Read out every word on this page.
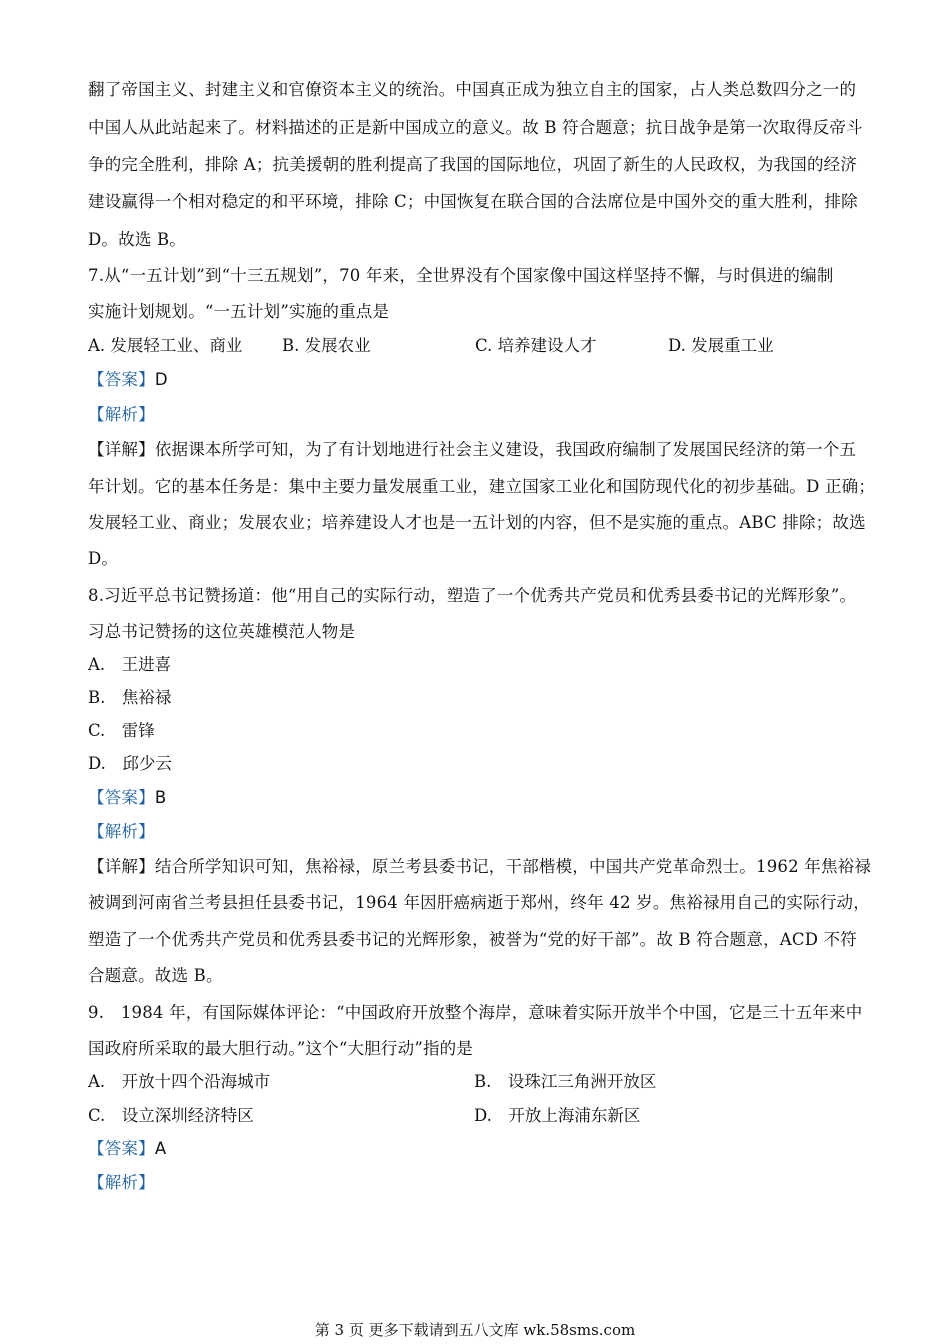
翻了帝国主义、封建主义和官僚资本主义的统治。中国真正成为独立自主的国家，占人类总数四分之一的
中国人从此站起来了。材料描述的正是新中国成立的意义。故 B 符合题意；抗日战争是第一次取得反帝斗
争的完全胜利，排除 A；抗美援朝的胜利提高了我国的国际地位，巩固了新生的人民政权，为我国的经济
建设赢得一个相对稳定的和平环境，排除 C；中国恢复在联合国的合法席位是中国外交的重大胜利，排除
D。故选 B。
7.从“一五计划”到“十三五规划”，70 年来，全世界没有个国家像中国这样坚持不懈，与时俱进的编制
实施计划规划。“一五计划”实施的重点是
A. 发展轻工业、商业 B. 发展农业	C. 培养建设人才	D. 发展重工业
【答案】D
【解析】
【详解】依据课本所学可知，为了有计划地进行社会主义建设，我国政府编制了发展国民经济的第一个五
年计划。它的基本任务是：集中主要力量发展重工业，建立国家工业化和国防现代化的初步基础。D 正确；
发展轻工业、商业；发展农业；培养建设人才也是一五计划的内容，但不是实施的重点。ABC 排除；故选
D。
8.习近平总书记赞扬道：他“用自己的实际行动，塑造了一个优秀共产党员和优秀县委书记的光辉形象”。
习总书记赞扬的这位英雄模范人物是
A.　王进喜
B.　焦裕禄
C.　雷锋
D.　邱少云
【答案】B
【解析】
【详解】结合所学知识可知，焦裕禄，原兰考县委书记，干部楷模，中国共产党革命烈士。1962 年焦裕禄
被调到河南省兰考县担任县委书记，1964 年因肝癌病逝于郑州，终年 42 岁。焦裕禄用自己的实际行动，
塑造了一个优秀共产党员和优秀县委书记的光辉形象，被誉为“党的好干部”。故 B 符合题意，ACD 不符
合题意。故选 B。
9.　1984 年，有国际媒体评论：“中国政府开放整个海岸，意味着实际开放半个中国，它是三十五年来中
国政府所采取的最大胆行动。”这个“大胆行动”指的是
A.　开放十四个沿海城市	B.　设珠江三角洲开放区
C.　设立深圳经济特区	D.　开放上海浦东新区
【答案】A
【解析】
第 3 页 更多下载请到五八文库 wk.58sms.com
